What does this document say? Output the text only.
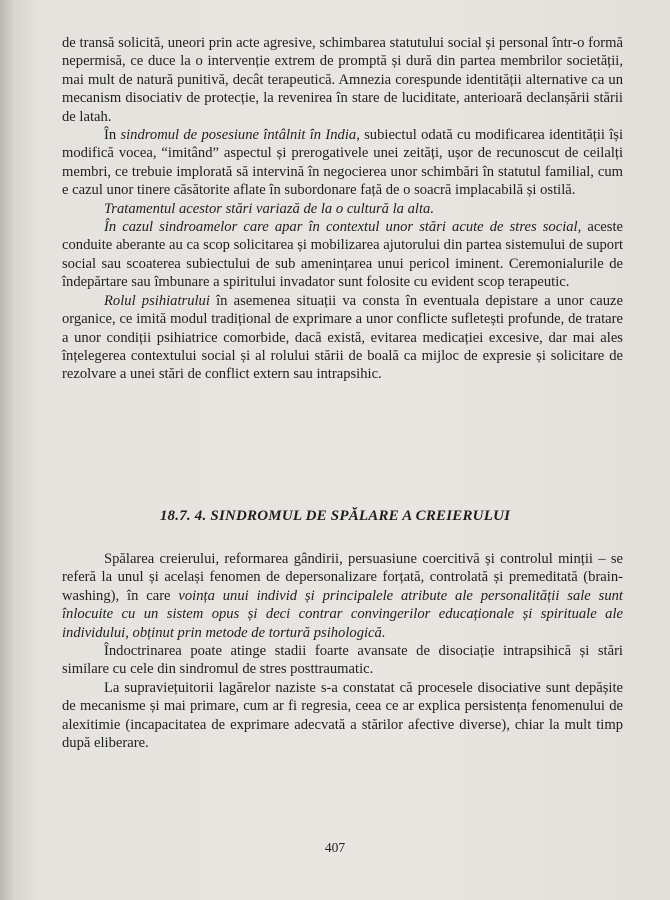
de transă solicită, uneori prin acte agresive, schimbarea statutului social și personal într-o formă nepermisă, ce duce la o intervenție extrem de promptă și dură din partea membrilor societății, mai mult de natură punitivă, decât terapeutică. Amnezia corespunde identității alternative ca un mecanism disociativ de protecție, la revenirea în stare de luciditate, anterioară declanșării stării de latah.

În sindromul de posesiune întâlnit în India, subiectul odată cu modificarea identității își modifică vocea, “imitând” aspectul și prerogativele unei zeități, ușor de recunoscut de ceilalți membri, ce trebuie implorată să intervină în negocierea unor schimbări în statutul familial, cum e cazul unor tinere căsătorite aflate în subordonare față de o soacră implacabilă și ostilă.

Tratamentul acestor stări variază de la o cultură la alta.

În cazul sindroamelor care apar în contextul unor stări acute de stres social, aceste conduite aberante au ca scop solicitarea și mobilizarea ajutorului din partea sistemului de suport social sau scoaterea subiectului de sub amenințarea unui pericol iminent. Ceremonialurile de îndepărtare sau îmbunare a spiritului invadator sunt folosite cu evident scop terapeutic.

Rolul psihiatrului în asemenea situații va consta în eventuala depistare a unor cauze organice, ce imită modul tradițional de exprimare a unor conflicte sufletești profunde, de tratare a unor condiții psihiatrice comorbide, dacă există, evitarea medicației excesive, dar mai ales înțelegerea contextului social și al rolului stării de boală ca mijloc de expresie și solicitare de rezolvare a unei stări de conflict extern sau intrapsihic.

18.7. 4. SINDROMUL DE SPĂLARE A CREIERULUI

Spălarea creierului, reformarea gândirii, persuasiune coercitivă și controlul minții – se referă la unul și același fenomen de depersonalizare forțată, controlată și premeditată (brain-washing), în care voința unui individ și principalele atribute ale personalității sale sunt înlocuite cu un sistem opus și deci contrar convingerilor educaționale și spirituale ale individului, obținut prin metode de tortură psihologică.

Îndoctrinarea poate atinge stadii foarte avansate de disociație intrapsihică și stări similare cu cele din sindromul de stres posttraumatic.

La supraviețuitorii lagărelor naziste s-a constatat că procesele disociative sunt depășite de mecanisme și mai primare, cum ar fi regresia, ceea ce ar explica persistența fenomenului de alexitimie (incapacitatea de exprimare adecvată a stărilor afective diverse), chiar la mult timp după eliberare.

407
